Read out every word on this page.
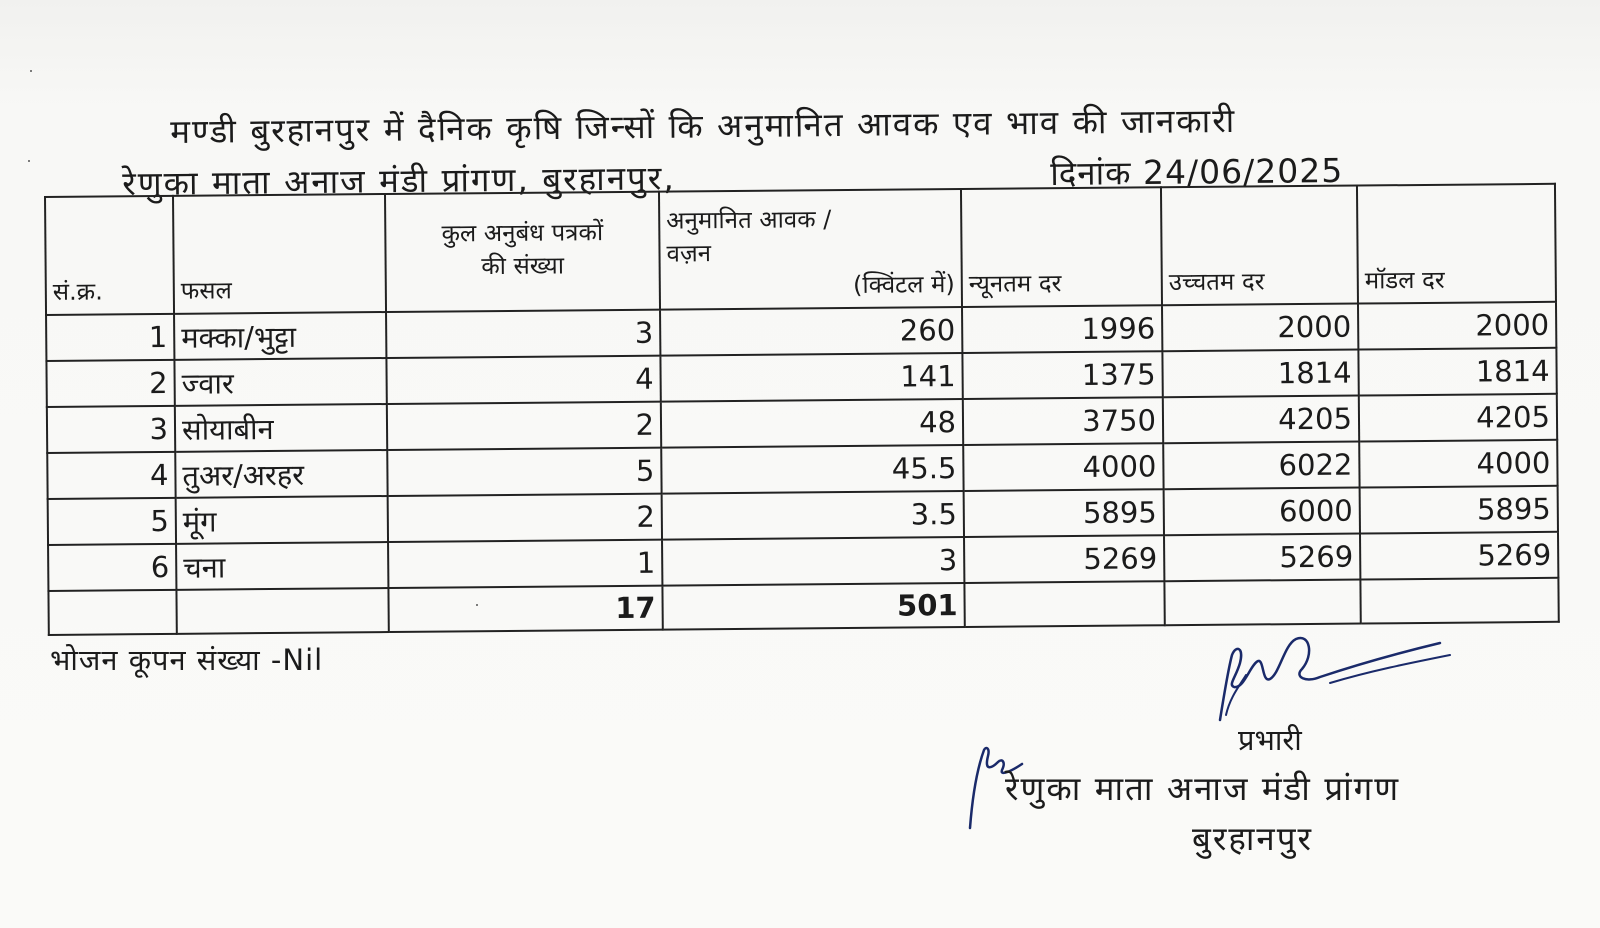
मण्डी बुरहानपुर में दैनिक कृषि जिन्सों कि अनुमानित आवक एव भाव की जानकारी
रेणुका माता अनाज मंडी प्रांगण, बुरहानपुर,	दिनांक 24/06/2025
सं.क्र.	फसल	कुल अनुबंध पत्रकों
की संख्या	अनुमानित आवक /
वज़न
(क्विंटल में)	न्यूनतम दर	उच्चतम दर	मॉडल दर
1	मक्का/भुट्टा	3	260	1996	2000	2000
2	ज्वार	4	141	1375	1814	1814
3	सोयाबीन	2	48	3750	4205	4205
4	तुअर/अरहर	5	45.5	4000	6022	4000
5	मूंग	2	3.5	5895	6000	5895
6	चना	1	3	5269	5269	5269
		17	501			
भोजन कूपन संख्या -Nil
प्रभारी
रेणुका माता अनाज मंडी प्रांगण
बुरहानपुर
